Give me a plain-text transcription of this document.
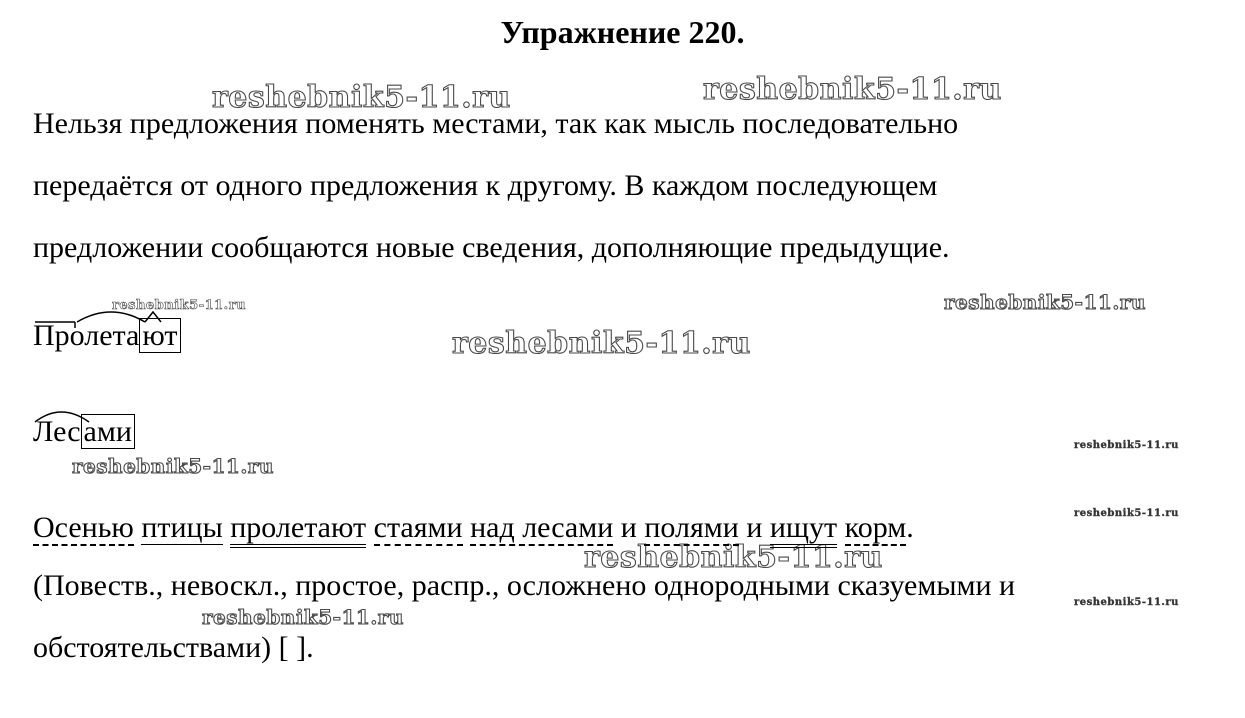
Упражнение 220.
reshebnik5-11.ru	reshebnik5-11.ru
reshebnik5-11.ru
reshebnik5-11.ru
reshebnik5-11.ru
reshebnik5-11.ru
reshebnik5-11.ru
reshebnik5-11.ru
reshebnik5-11.ru
reshebnik5-11.ru
reshebnik5-11.ru
Нельзя предложения поменять местами, так как мысль последовательно
передаётся от одного предложения к другому. В каждом последующем
предложении сообщаются новые сведения, дополняющие предыдущие.
Пролета ют
Лес ами
Осенью птицы пролетают стаями над лесами и полями и ищут корм.
(Повеств., невоскл., простое, распр., осложнено однородными сказуемыми и
обстоятельствами) [ ].
